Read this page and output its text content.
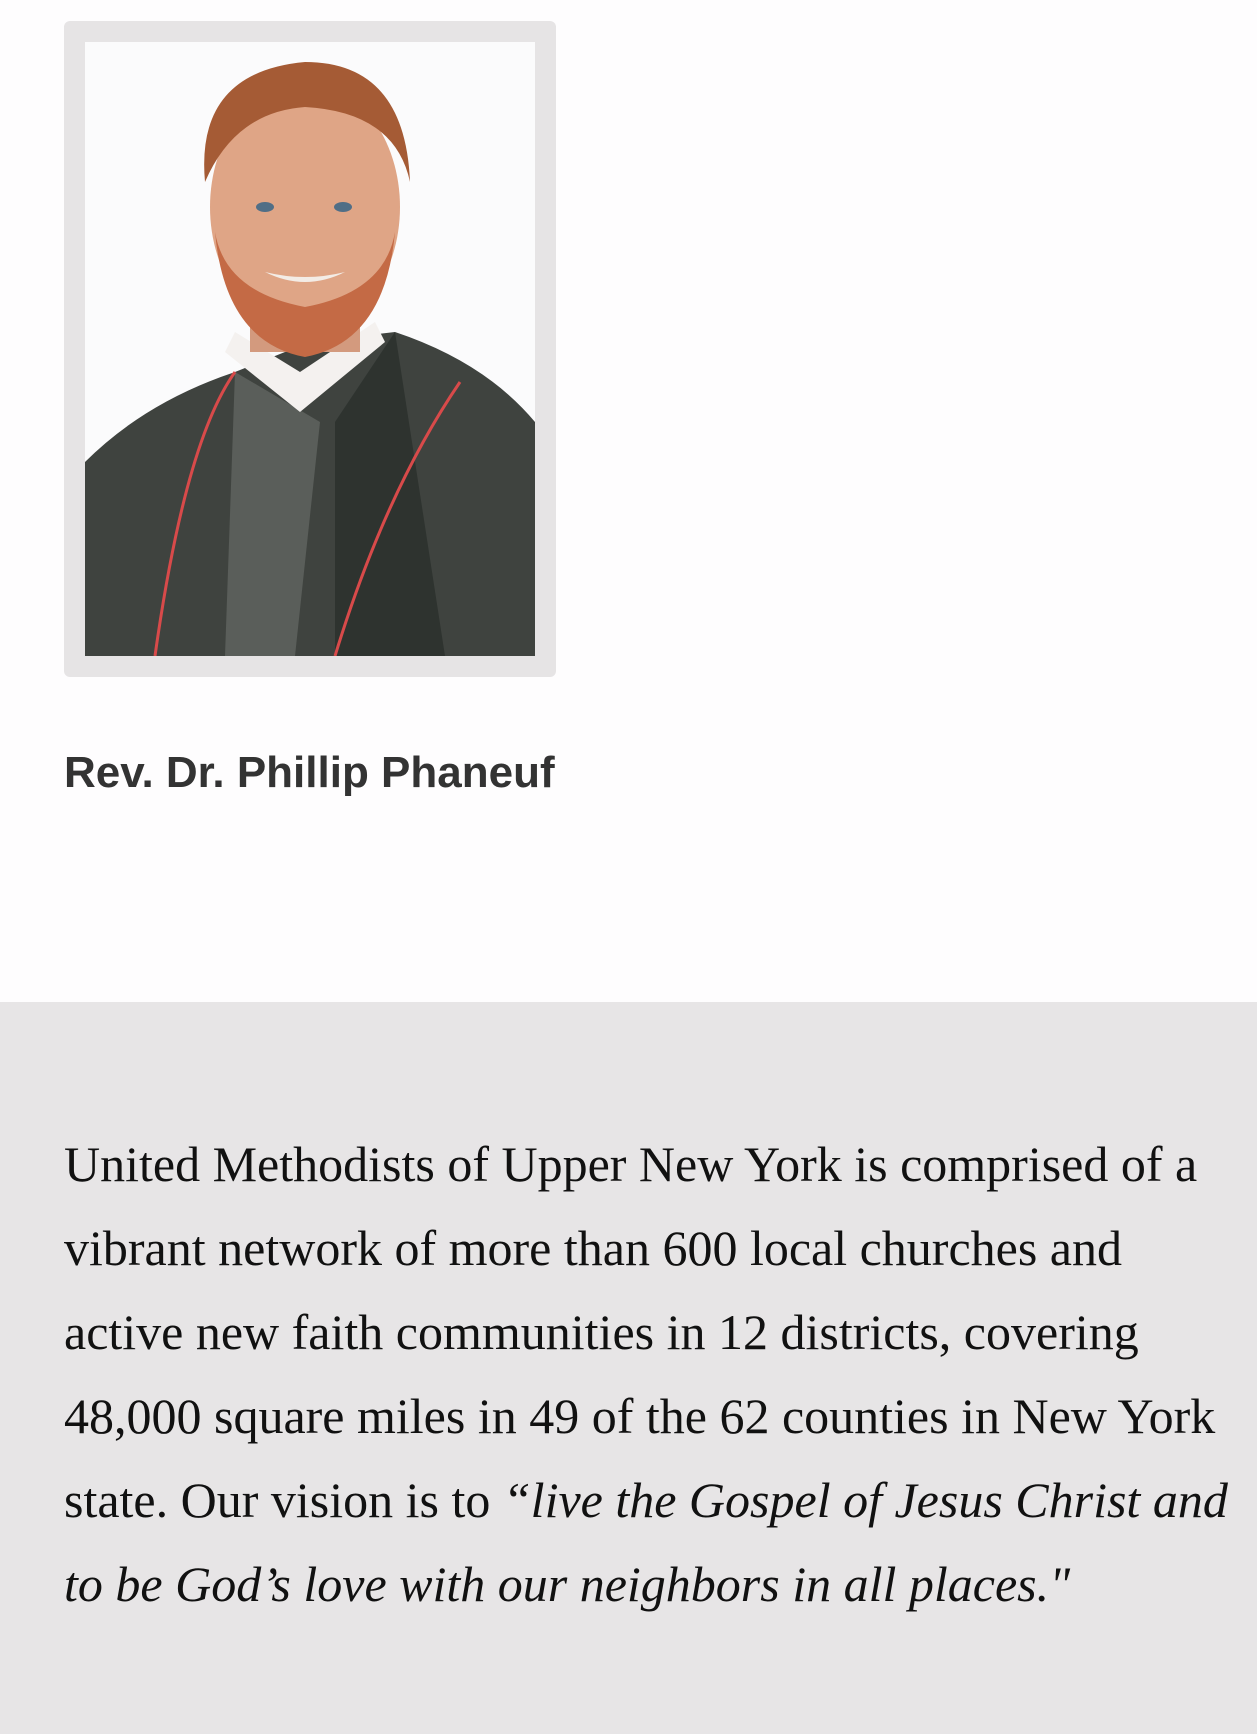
Rev. Dr. Phillip Phaneuf

United Methodists of Upper New York is comprised of a vibrant network of more than 600 local churches and active new faith communities in 12 districts, covering 48,000 square miles in 49 of the 62 counties in New York state. Our vision is to “live the Gospel of Jesus Christ and to be God’s love with our neighbors in all places."
